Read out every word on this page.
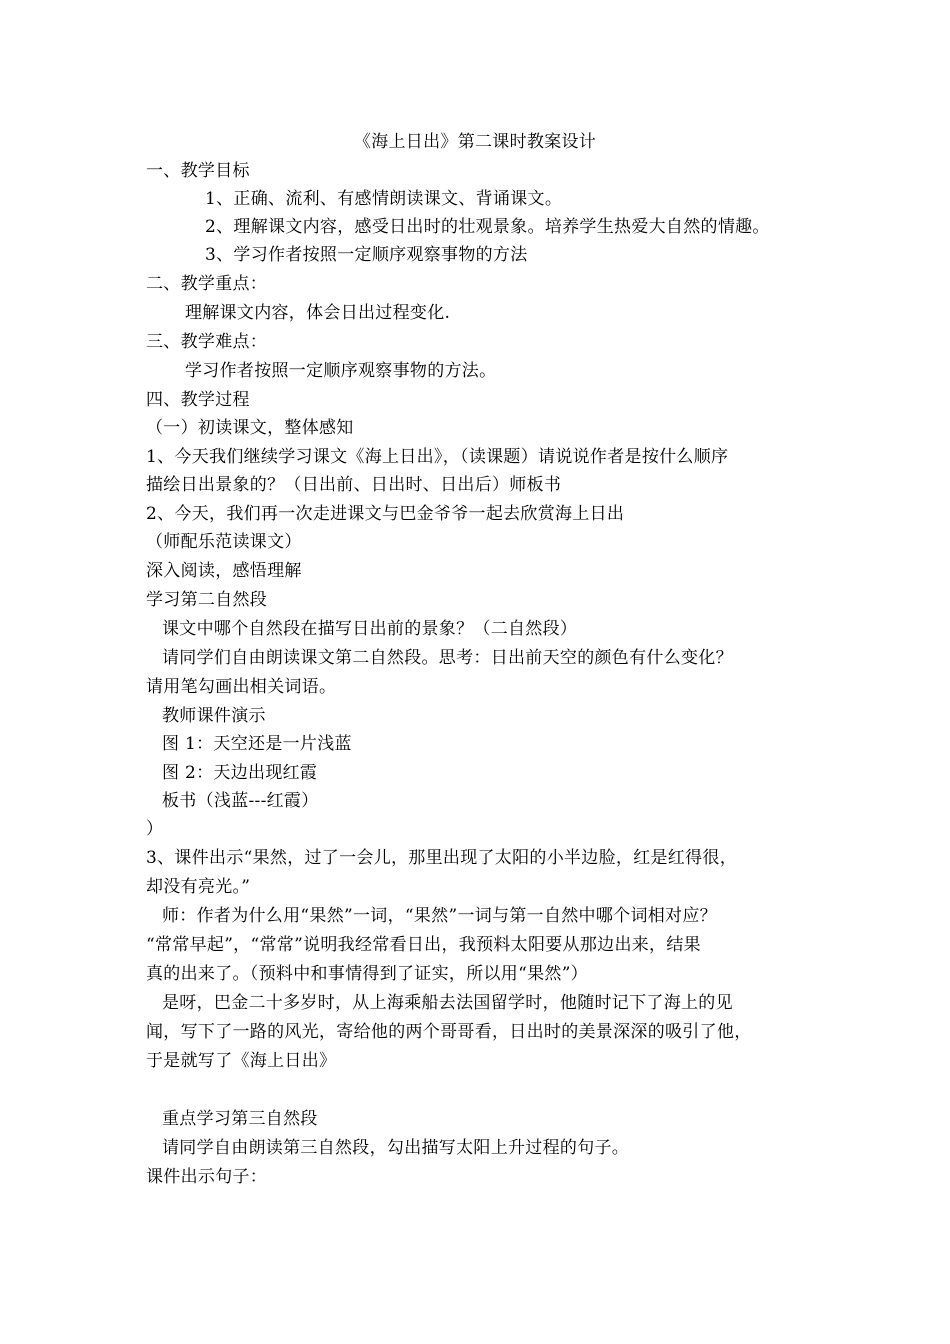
《海上日出》第二课时教案设计
一、教学目标
1、正确、流利、有感情朗读课文、背诵课文。
2、理解课文内容，感受日出时的壮观景象。培养学生热爱大自然的情趣。
3、学习作者按照一定顺序观察事物的方法
二、教学重点：
理解课文内容，体会日出过程变化.
三、教学难点：
学习作者按照一定顺序观察事物的方法。
四、教学过程
（一）初读课文，整体感知
1、今天我们继续学习课文《海上日出》，（读课题）请说说作者是按什么顺序
描绘日出景象的？（日出前、日出时、日出后）师板书
2、今天，我们再一次走进课文与巴金爷爷一起去欣赏海上日出
（师配乐范读课文）
深入阅读，感悟理解
学习第二自然段
课文中哪个自然段在描写日出前的景象？（二自然段）
请同学们自由朗读课文第二自然段。思考：日出前天空的颜色有什么变化？
请用笔勾画出相关词语。
教师课件演示
图 1：天空还是一片浅蓝
图 2：天边出现红霞
板书（浅蓝---红霞）
）
3、课件出示“果然，过了一会儿，那里出现了太阳的小半边脸，红是红得很，
却没有亮光。”
师：作者为什么用“果然”一词，“果然”一词与第一自然中哪个词相对应？
“常常早起”，“常常”说明我经常看日出，我预料太阳要从那边出来，结果
真的出来了。（预料中和事情得到了证实，所以用“果然”）
是呀，巴金二十多岁时，从上海乘船去法国留学时，他随时记下了海上的见
闻，写下了一路的风光，寄给他的两个哥哥看，日出时的美景深深的吸引了他，
于是就写了《海上日出》
重点学习第三自然段
请同学自由朗读第三自然段，勾出描写太阳上升过程的句子。
课件出示句子：
